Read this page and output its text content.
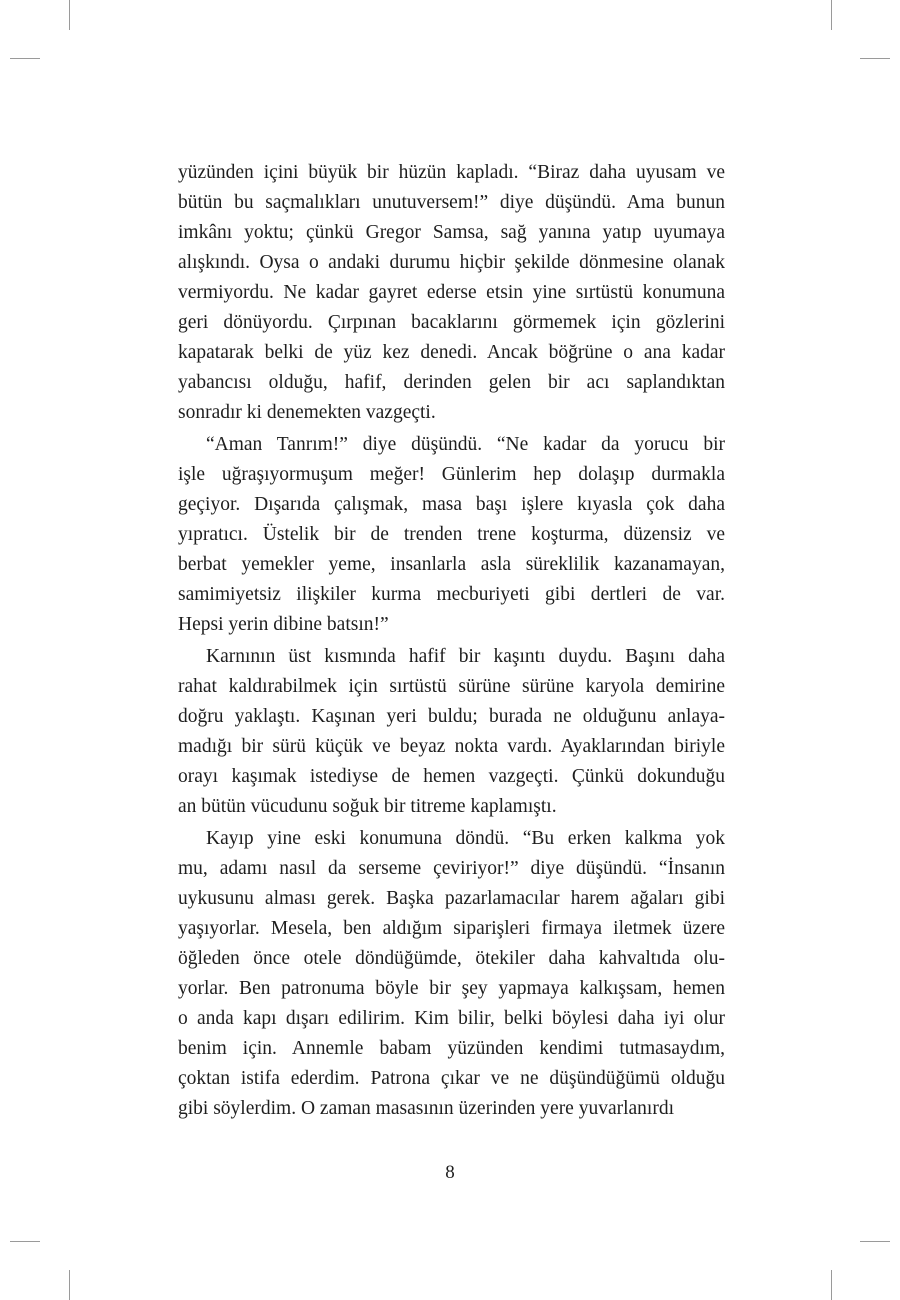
yüzünden içini büyük bir hüzün kapladı. “Biraz daha uyusam ve
bütün bu saçmalıkları unutuversem!” diye düşündü. Ama bunun
imkânı yoktu; çünkü Gregor Samsa, sağ yanına yatıp uyumaya
alışkındı. Oysa o andaki durumu hiçbir şekilde dönmesine olanak
vermiyordu. Ne kadar gayret ederse etsin yine sırtüstü konumuna
geri dönüyordu. Çırpınan bacaklarını görmemek için gözlerini
kapatarak belki de yüz kez denedi. Ancak böğrüne o ana kadar
yabancısı olduğu, hafif, derinden gelen bir acı saplandıktan
sonradır ki denemekten vazgeçti.
“Aman Tanrım!” diye düşündü. “Ne kadar da yorucu bir
işle uğraşıyormuşum meğer! Günlerim hep dolaşıp durmakla
geçiyor. Dışarıda çalışmak, masa başı işlere kıyasla çok daha
yıpratıcı. Üstelik bir de trenden trene koşturma, düzensiz ve
berbat yemekler yeme, insanlarla asla süreklilik kazanamayan,
samimiyetsiz ilişkiler kurma mecburiyeti gibi dertleri de var.
Hepsi yerin dibine batsın!”
Karnının üst kısmında hafif bir kaşıntı duydu. Başını daha
rahat kaldırabilmek için sırtüstü sürüne sürüne karyola demirine
doğru yaklaştı. Kaşınan yeri buldu; burada ne olduğunu anlaya-
madığı bir sürü küçük ve beyaz nokta vardı. Ayaklarından biriyle
orayı kaşımak istediyse de hemen vazgeçti. Çünkü dokunduğu
an bütün vücudunu soğuk bir titreme kaplamıştı.
Kayıp yine eski konumuna döndü. “Bu erken kalkma yok
mu, adamı nasıl da serseme çeviriyor!” diye düşündü. “İnsanın
uykusunu alması gerek. Başka pazarlamacılar harem ağaları gibi
yaşıyorlar. Mesela, ben aldığım siparişleri firmaya iletmek üzere
öğleden önce otele döndüğümde, ötekiler daha kahvaltıda olu-
yorlar. Ben patronuma böyle bir şey yapmaya kalkışsam, hemen
o anda kapı dışarı edilirim. Kim bilir, belki böylesi daha iyi olur
benim için. Annemle babam yüzünden kendimi tutmasaydım,
çoktan istifa ederdim. Patrona çıkar ve ne düşündüğümü olduğu
gibi söylerdim. O zaman masasının üzerinden yere yuvarlanırdı
8
